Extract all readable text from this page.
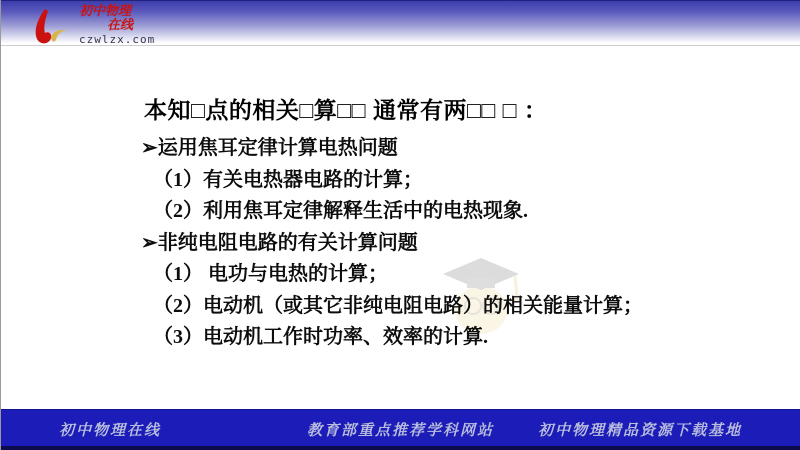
初中物理
在线
czwlzx.com
本知□点的相关□算□□ 通常有两□□ □ ：
➢运用焦耳定律计算电热问题
（1）有关电热器电路的计算；
（2）利用焦耳定律解释生活中的电热现象.
➢非纯电阻电路的有关计算问题
（1） 电功与电热的计算；
（2）电动机（或其它非纯电阻电路）的相关能量计算；
（3）电动机工作时功率、效率的计算.
初中物理在线	教育部重点推荐学科网站	初中物理精品资源下载基地
